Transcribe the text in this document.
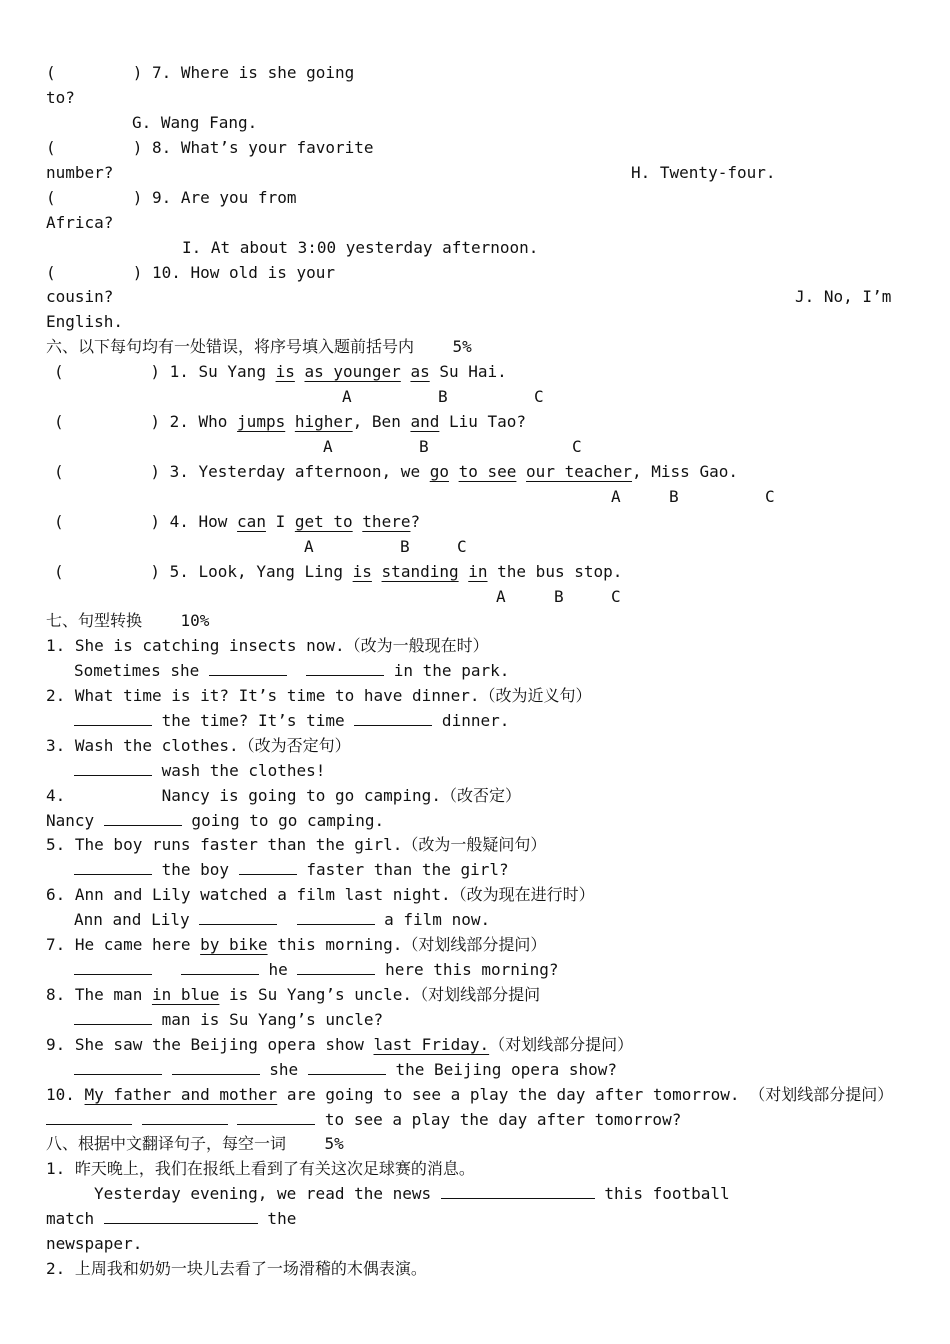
(        ) 7. Where is she going
to?
G. Wang Fang.
(        ) 8. What’s your favorite
number?	H. Twenty-four.
(        ) 9. Are you from
Africa?
I. At about 3:00 yesterday afternoon.
(        ) 10. How old is your
cousin?	J. No, I’m
English.
六、以下每句均有一处错误，将序号填入题前括号内    5%
(         ) 1. Su Yang is as younger as Su Hai.
A	B	C
(         ) 2. Who jumps higher, Ben and Liu Tao?
A	B	C
(         ) 3. Yesterday afternoon, we go to see our teacher, Miss Gao.
A	B	C
(         ) 4. How can I get to there?
A	B	C
(         ) 5. Look, Yang Ling is standing in the bus stop.
A	B	C
七、句型转换    10%
1. She is catching insects now.（改为一般现在时）
Sometimes she	in the park.
2. What time is it? It’s time to have dinner.（改为近义句）
the time? It’s time	dinner.
3. Wash the clothes.（改为否定句）
wash the clothes!
4.          Nancy is going to go camping.（改否定）
Nancy	going to go camping.
5. The boy runs faster than the girl.（改为一般疑问句）
the boy	faster than the girl?
6. Ann and Lily watched a film last night.（改为现在进行时）
Ann and Lily	a film now.
7. He came here by bike this morning.（对划线部分提问）
he	here this morning?
8. The man in blue is Su Yang’s uncle.（对划线部分提问
man is Su Yang’s uncle?
9. She saw the Beijing opera show last Friday.（对划线部分提问）
she	the Beijing opera show?
10. My father and mother are going to see a play the day after tomorrow. （对划线部分提问）
to see a play the day after tomorrow?
八、根据中文翻译句子，每空一词    5%
1. 昨天晚上，我们在报纸上看到了有关这次足球赛的消息。
Yesterday evening, we read the news	this football
match	the
newspaper.
2. 上周我和奶奶一块儿去看了一场滑稽的木偶表演。
